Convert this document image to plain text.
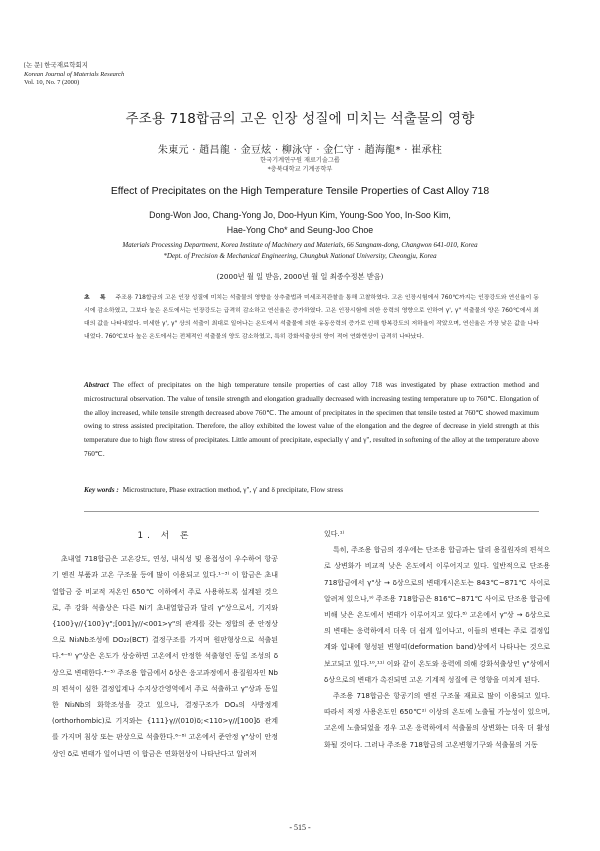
[논 문] 한국재료학회지
Korean Journal of Materials Research
Vol. 10, No. 7 (2000)
주조용 718합금의 고온 인장 성질에 미치는 석출물의 영향
朱東元 · 趙昌龍 · 金豆炫 · 柳泳守 · 金仁守 · 趙海龍* · 崔承柱
한국기계연구원 재료기술그룹
*충북대학교 기계공학부
Effect of Precipitates on the High Temperature Tensile Properties of Cast Alloy 718
Dong-Won Joo, Chang-Yong Jo, Doo-Hyun Kim, Young-Soo Yoo, In-Soo Kim,
Hae-Yong Cho* and Seung-Joo Choe
Materials Processing Department, Korea Institute of Machinery and Materials, 66 Sangnam-dong, Changwon 641-010, Korea
*Dept. of Precision & Mechanical Engineering, Chungbuk National University, Cheongju, Korea
(2000년 월 일 받음, 2000년 월 일 최종수정본 받음)
초 록 주조용 718합금의 고온 인장 성질에 미치는 석출물의 영향을 상추출법과 미세조직관찰을 통해 고찰하였다. 고온 인장시험에서 760℃까지는 인장강도와 연신율이 동시에 감소하였고, 그보다 높은 온도에서는 인장강도는 급격히 감소하고 연신율은 증가하였다. 고온 인장시험에 의한 응력의 영향으로 인하여 γ', γ" 석출물의 양은 760℃에서 최대의 값을 나타내었다. 미세한 γ', γ" 상의 석출이 최대로 일어나는 온도에서 석출물에 의한 유동응력의 증가로 인해 항복강도의 저하율이 작았으며, 연신율은 가장 낮은 값을 나타내었다. 760℃보다 높은 온도에서는 전체적인 석출물의 양도 감소하였고, 특히 강화석출상의 양이 적어 연화현상이 급격히 나타났다.
Abstract The effect of precipitates on the high temperature tensile properties of cast alloy 718 was investigated by phase extraction method and microstructural observation. The value of tensile strength and elongation gradually decreased with increasing testing temperature up to 760℃. Elongation of the alloy increased, while tensile strength decreased above 760℃. The amount of precipitates in the specimen that tensile tested at 760℃ showed maximum owing to stress assisted precipitation. Therefore, the alloy exhibited the lowest value of the elongation and the degree of decrease in yield strength at this temperature due to high flow stress of precipitates. Little amount of precipitate, especially γ' and γ", resulted in softening of the alloy at the temperature above 760℃.
Key words : Microstructure, Phase extraction method, γ", γ' and δ precipitate, Flow stress
1. 서 론

초내열 718합금은 고온강도, 연성, 내식성 및 용접성이 우수하여 항공기 엔진 부품과 고온 구조물 등에 많이 이용되고 있다.¹⁻³⁾ 이 합금은 초내열합금 중 비교적 저온인 650℃ 이하에서 주로 사용하도록 설계된 것으로, 주 강화 석출상은 다른 Ni기 초내열합금과 달리 γ"상으로서, 기지와 {100}γ//{100}γ";[001]γ//<001>γ"의 관계를 갖는 정합의 준 안정상으로 Ni₃Nb조성에 DO₂₂(BCT) 결정구조를 가지며 원판형상으로 석출된다.⁴⁻⁶⁾ γ"상은 온도가 상승하면 고온에서 안정한 석출형인 동일 조성의 δ상으로 변태한다.⁴⁻⁵⁾ 주조용 합금에서 δ상은 응고과정에서 용질원자인 Nb의 편석이 심한 결정입계나 수지상간영역에서 주로 석출하고 γ"상과 동일한 Ni₃Nb의 화학조성을 갖고 있으나, 결정구조가 DOₐ의 사방정계(orthorhombic)로 기지와는 {111}γ//(010)δ;<110>γ//[100]δ 관계를 가지며 침상 또는 판상으로 석출한다.⁶⁻⁸⁾ 고온에서 준안정 γ"상이 안정상인 δ로 변태가 일어나면 이 합금은 연화현상이 나타난다고 알려져

있다.¹⁾

특히, 주조용 합금의 경우에는 단조용 합금과는 달리 용질원자의 편석으로 상변화가 비교적 낮은 온도에서 이루어지고 있다. 일반적으로 단조용 718합금에서 γ"상 → δ상으로의 변태개시온도는 843℃~871℃ 사이로 알려져 있으나,⁹⁾ 주조용 718합금은 816℃~871℃ 사이로 단조용 합금에 비해 낮은 온도에서 변태가 이루어지고 있다.⁸⁾ 고온에서 γ"상 → δ상으로의 변태는 응력하에서 더욱 더 쉽게 일어나고, 이들의 변태는 주로 결정입계와 입내에 형성된 변형띠(deformation band)상에서 나타나는 것으로 보고되고 있다.¹⁰,¹¹⁾ 이와 같이 온도와 응력에 의해 강화석출상인 γ"상에서 δ상으로의 변태가 촉진되면 고온 기계적 성질에 큰 영향을 미치게 된다.

주조용 718합금은 항공기의 엔진 구조물 재료로 많이 이용되고 있다. 따라서 적정 사용온도인 650℃²⁾ 이상의 온도에 노출될 가능성이 있으며, 고온에 노출되었을 경우 고온 응력하에서 석출물의 상변화는 더욱 더 활성화될 것이다. 그러나 주조용 718합금의 고온변형기구와 석출물의 거동

- 515 -
